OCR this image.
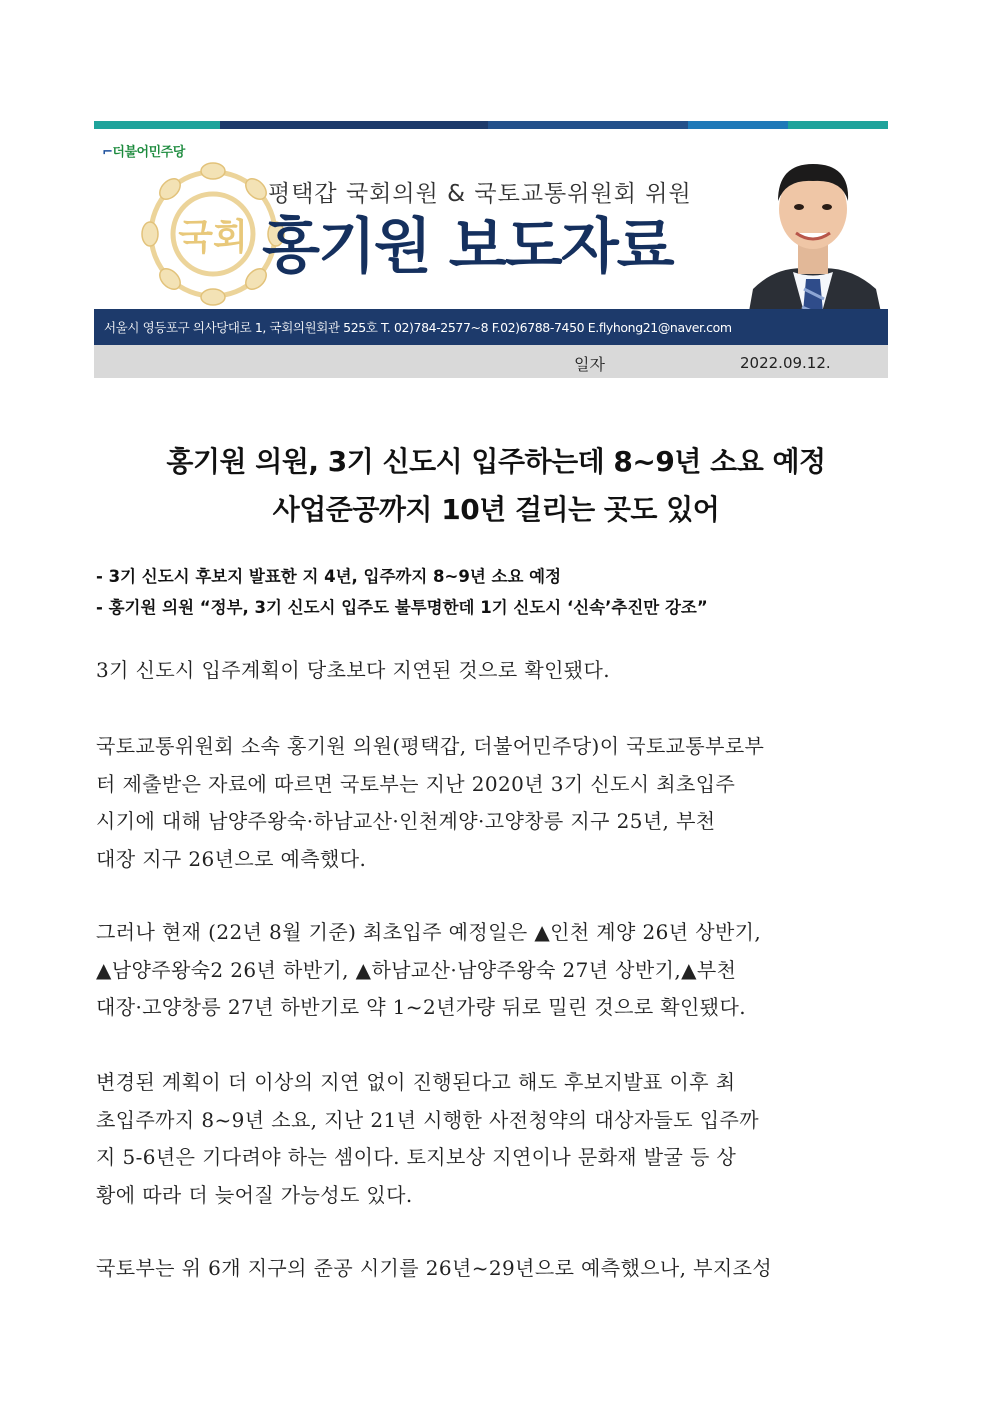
⌐더불어민주당
국회
평택갑 국회의원 & 국토교통위원회 위원
홍기원 보도자료
서울시 영등포구 의사당대로 1, 국회의원회관 525호 T. 02)784-2577~8 F.02)6788-7450 E.flyhong21@naver.com
일자	2022.09.12.
홍기원 의원, 3기 신도시 입주하는데 8~9년 소요 예정
사업준공까지 10년 걸리는 곳도 있어
- 3기 신도시 후보지 발표한 지 4년, 입주까지 8~9년 소요 예정
- 홍기원 의원 “정부, 3기 신도시 입주도 불투명한데 1기 신도시 ‘신속’추진만 강조”
3기 신도시 입주계획이 당초보다 지연된 것으로 확인됐다.
국토교통위원회 소속 홍기원 의원(평택갑, 더불어민주당)이 국토교통부로부
터 제출받은 자료에 따르면 국토부는 지난 2020년 3기 신도시 최초입주
시기에 대해 남양주왕숙·하남교산·인천계양·고양창릉 지구 25년, 부천
대장 지구 26년으로 예측했다.
그러나 현재 (22년 8월 기준) 최초입주 예정일은 ▲인천 계양 26년 상반기,
▲남양주왕숙2 26년 하반기, ▲하남교산·남양주왕숙 27년 상반기,▲부천
대장·고양창릉 27년 하반기로 약 1~2년가량 뒤로 밀린 것으로 확인됐다.
변경된 계획이 더 이상의 지연 없이 진행된다고 해도 후보지발표 이후 최
초입주까지 8~9년 소요, 지난 21년 시행한 사전청약의 대상자들도 입주까
지 5-6년은 기다려야 하는 셈이다. 토지보상 지연이나 문화재 발굴 등 상
황에 따라 더 늦어질 가능성도 있다.
국토부는 위 6개 지구의 준공 시기를 26년~29년으로 예측했으나, 부지조성
